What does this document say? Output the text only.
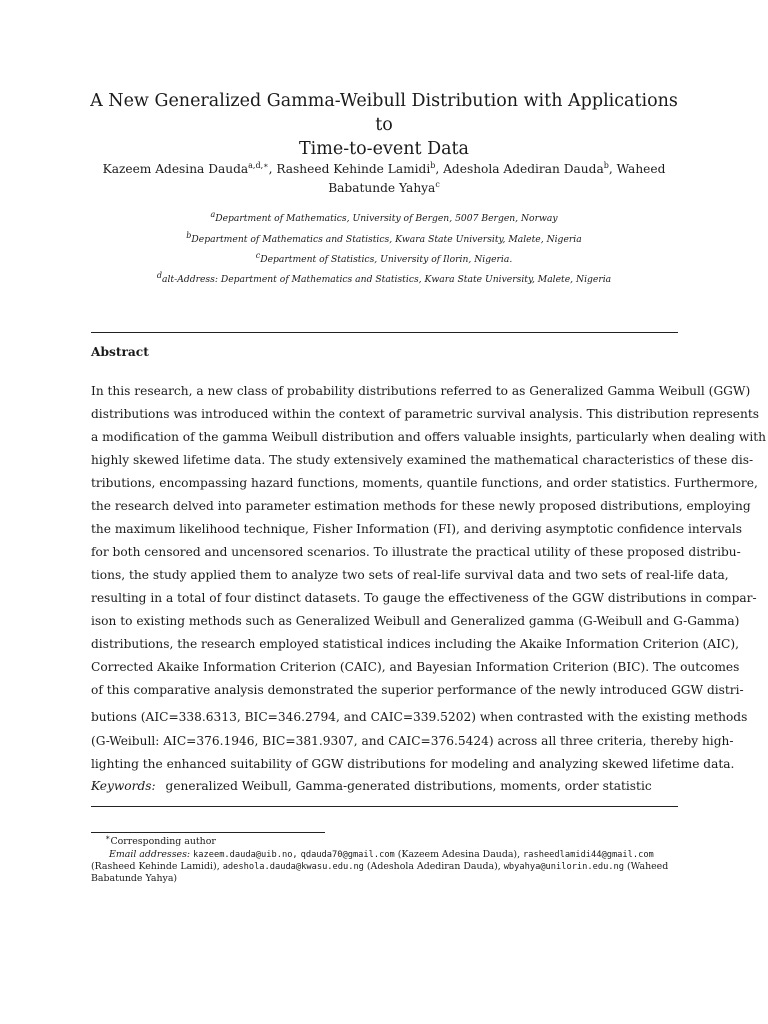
A New Generalized Gamma-Weibull Distribution with Applications to
Time-to-event Data
Kazeem Adesina Dauda$^{a,d,∗}$, Rasheed Kehinde Lamidi$^b$, Adeshola Adediran Dauda$^b$, Waheed Babatunde Yahya$^c$
$^a$Department of Mathematics, University of Bergen, 5007 Bergen, Norway
$^b$Department of Mathematics and Statistics, Kwara State University, Malete, Nigeria
$^c$Department of Statistics, University of Ilorin, Nigeria.
$^d$alt-Address: Department of Mathematics and Statistics, Kwara State University, Malete, Nigeria
Abstract
In this research, a new class of probability distributions referred to as Generalized Gamma Weibull (GGW)
distributions was introduced within the context of parametric survival analysis. This distribution represents
a modification of the gamma Weibull distribution and offers valuable insights, particularly when dealing with
highly skewed lifetime data. The study extensively examined the mathematical characteristics of these dis-
tributions, encompassing hazard functions, moments, quantile functions, and order statistics. Furthermore,
the research delved into parameter estimation methods for these newly proposed distributions, employing
the maximum likelihood technique, Fisher Information (FI), and deriving asymptotic confidence intervals
for both censored and uncensored scenarios. To illustrate the practical utility of these proposed distribu-
tions, the study applied them to analyze two sets of real-life survival data and two sets of real-life data,
resulting in a total of four distinct datasets. To gauge the effectiveness of the GGW distributions in compar-
ison to existing methods such as Generalized Weibull and Generalized gamma (G-Weibull and G-Gamma)
distributions, the research employed statistical indices including the Akaike Information Criterion (AIC),
Corrected Akaike Information Criterion (CAIC), and Bayesian Information Criterion (BIC). The outcomes
of this comparative analysis demonstrated the superior performance of the newly introduced GGW distri-
butions (AIC=338.6313, BIC=346.2794, and CAIC=339.5202) when contrasted with the existing methods
(G-Weibull: AIC=376.1946, BIC=381.9307, and CAIC=376.5424) across all three criteria, thereby high-
lighting the enhanced suitability of GGW distributions for modeling and analyzing skewed lifetime data.
Keywords: generalized Weibull, Gamma-generated distributions, moments, order statistic
∗Corresponding author
Email addresses: kazeem.dauda@uib.no, qdauda70@gmail.com (Kazeem Adesina Dauda), rasheedlamidi44@gmail.com
(Rasheed Kehinde Lamidi), adeshola.dauda@kwasu.edu.ng (Adeshola Adediran Dauda), wbyahya@unilorin.edu.ng (Waheed
Babatunde Yahya)
